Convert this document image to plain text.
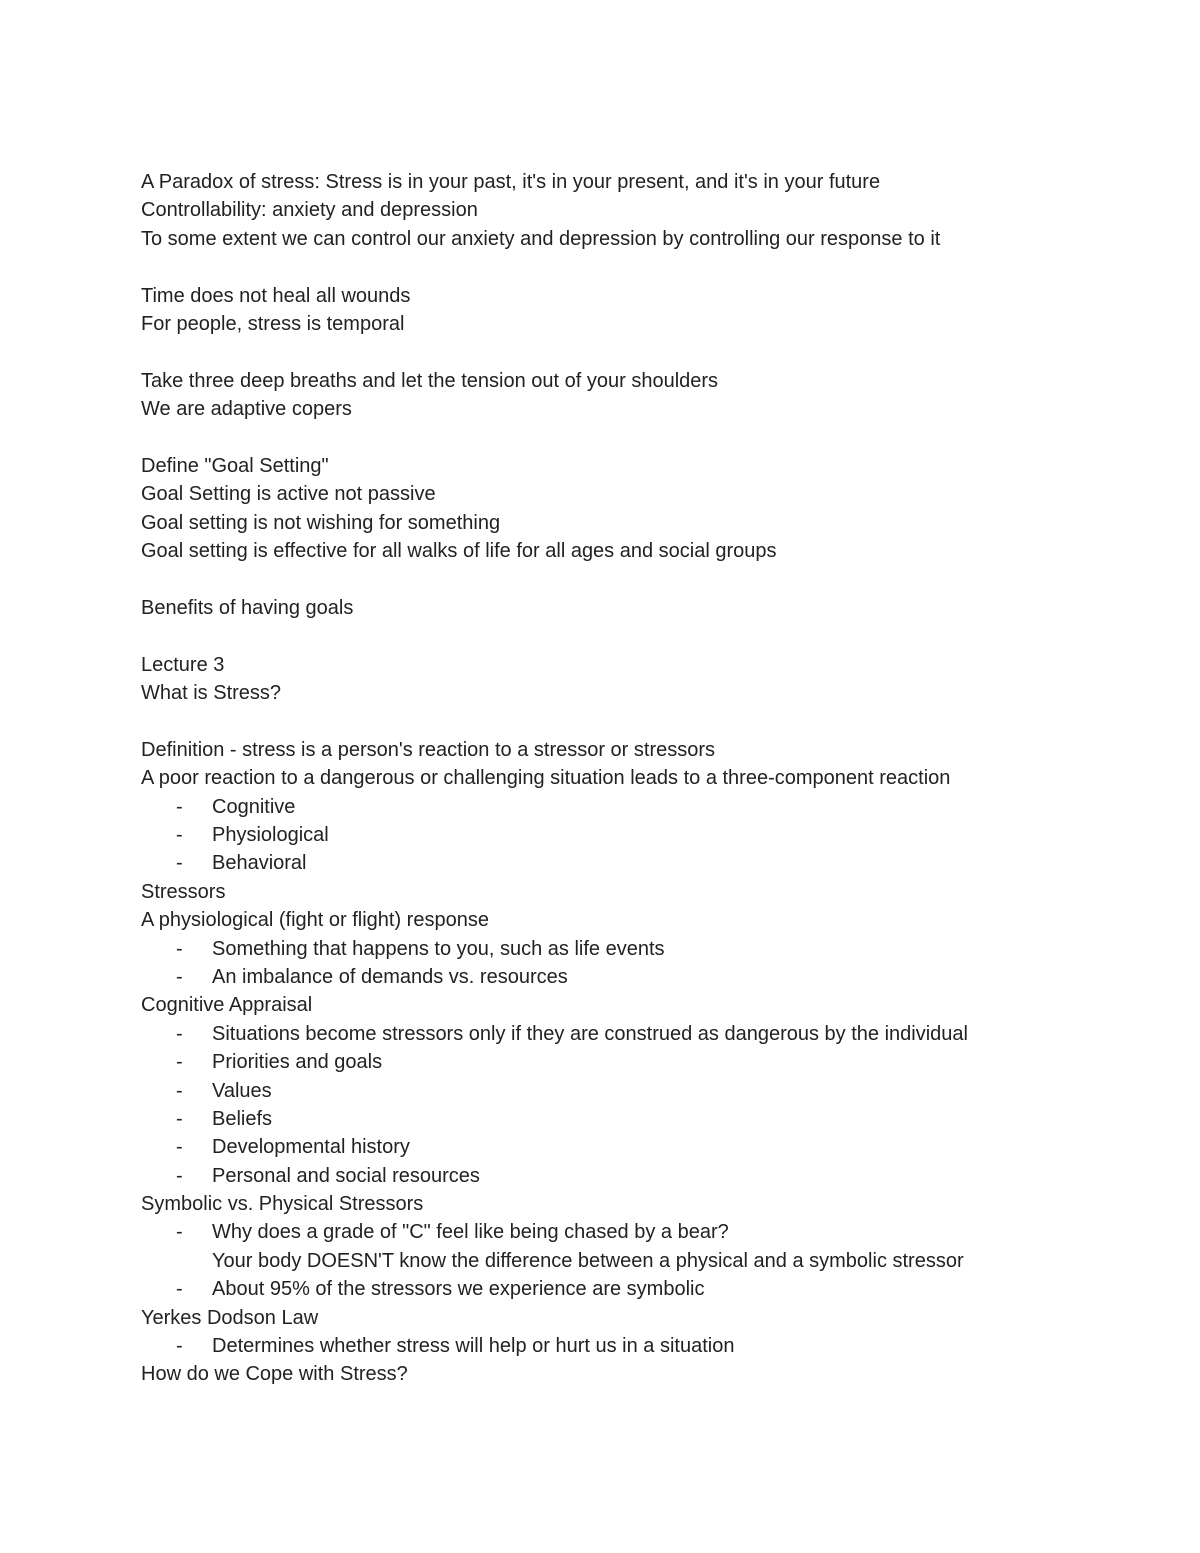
A Paradox of stress: Stress is in your past, it's in your present, and it's in your future
Controllability: anxiety and depression
To some extent we can control our anxiety and depression by controlling our response to it
Time does not heal all wounds
For people, stress is temporal
Take three deep breaths and let the tension out of your shoulders
We are adaptive copers
Define "Goal Setting"
Goal Setting is active not passive
Goal setting is not wishing for something
Goal setting is effective for all walks of life for all ages and social groups
Benefits of having goals
Lecture 3
What is Stress?
Definition - stress is a person's reaction to a stressor or stressors
A poor reaction to a dangerous or challenging situation leads to a three-component reaction
- Cognitive
- Physiological
- Behavioral
Stressors
A physiological (fight or flight) response
- Something that happens to you, such as life events
- An imbalance of demands vs. resources
Cognitive Appraisal
- Situations become stressors only if they are construed as dangerous by the individual
- Priorities and goals
- Values
- Beliefs
- Developmental history
- Personal and social resources
Symbolic vs. Physical Stressors
- Why does a grade of "C" feel like being chased by a bear?
Your body DOESN'T know the difference between a physical and a symbolic stressor
- About 95% of the stressors we experience are symbolic
Yerkes Dodson Law
- Determines whether stress will help or hurt us in a situation
How do we Cope with Stress?
